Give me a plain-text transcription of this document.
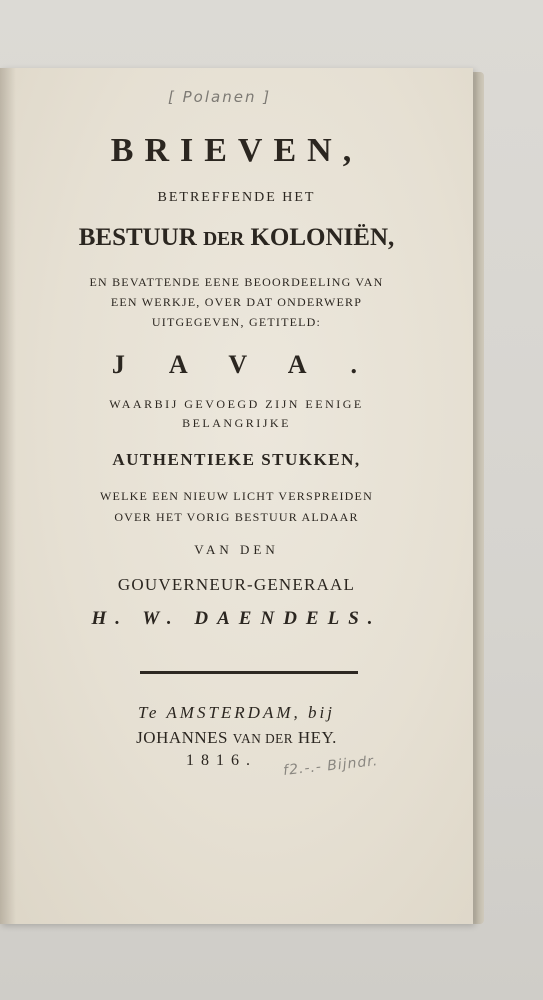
[ Polanen ]
BRIEVEN,
BETREFFENDE HET
BESTUUR DER KOLONIËN,
EN BEVATTENDE EENE BEOORDEELING VAN
EEN WERKJE, OVER DAT ONDERWERP
UITGEGEVEN, GETITELD:
JAVA.
WAARBIJ GEVOEGD ZIJN EENIGE
BELANGRIJKE
AUTHENTIEKE STUKKEN,
WELKE EEN NIEUW LICHT VERSPREIDEN
OVER HET VORIG BESTUUR ALDAAR
VAN DEN
GOUVERNEUR-GENERAAL
H. W. DAENDELS.
Te AMSTERDAM, bij
JOHANNES VAN DER HEY.
1816.	f2.-.- Bijndr.
